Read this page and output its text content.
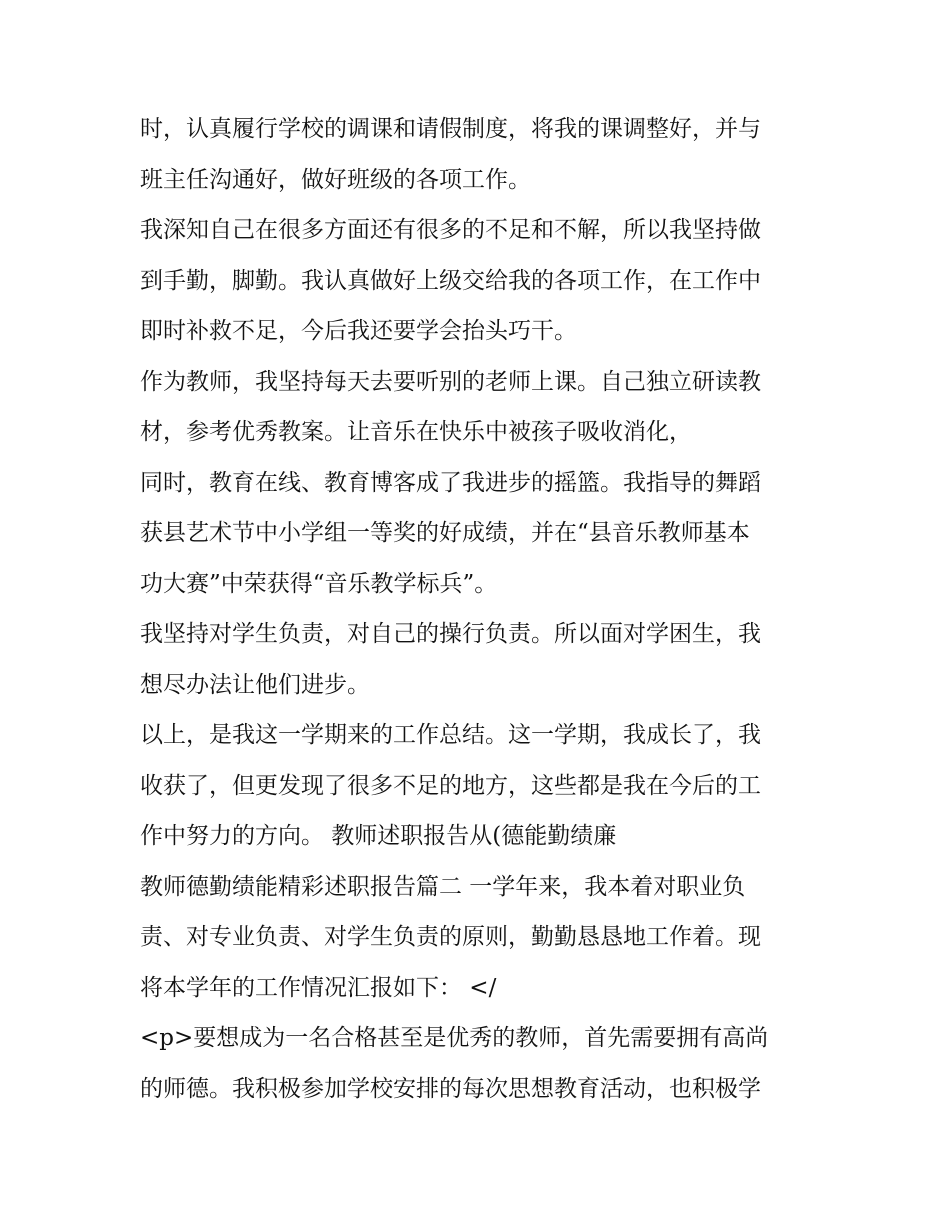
时，认真履行学校的调课和请假制度，将我的课调整好，并与
班主任沟通好，做好班级的各项工作。
我深知自己在很多方面还有很多的不足和不解，所以我坚持做
到手勤，脚勤。我认真做好上级交给我的各项工作，在工作中
即时补救不足，今后我还要学会抬头巧干。
作为教师，我坚持每天去要听别的老师上课。自己独立研读教
材，参考优秀教案。让音乐在快乐中被孩子吸收消化，
同时，教育在线、教育博客成了我进步的摇篮。我指导的舞蹈
获县艺术节中小学组一等奖的好成绩，并在“县音乐教师基本
功大赛”中荣获得“音乐教学标兵”。
我坚持对学生负责，对自己的操行负责。所以面对学困生，我
想尽办法让他们进步。
以上，是我这一学期来的工作总结。这一学期，我成长了，我
收获了，但更发现了很多不足的地方，这些都是我在今后的工
作中努力的方向。 教师述职报告从(德能勤绩廉
教师德勤绩能精彩述职报告篇二 一学年来，我本着对职业负
责、对专业负责、对学生负责的原则，勤勤恳恳地工作着。现
将本学年的工作情况汇报如下： </
<p>要想成为一名合格甚至是优秀的教师，首先需要拥有高尚
的师德。我积极参加学校安排的每次思想教育活动，也积极学
